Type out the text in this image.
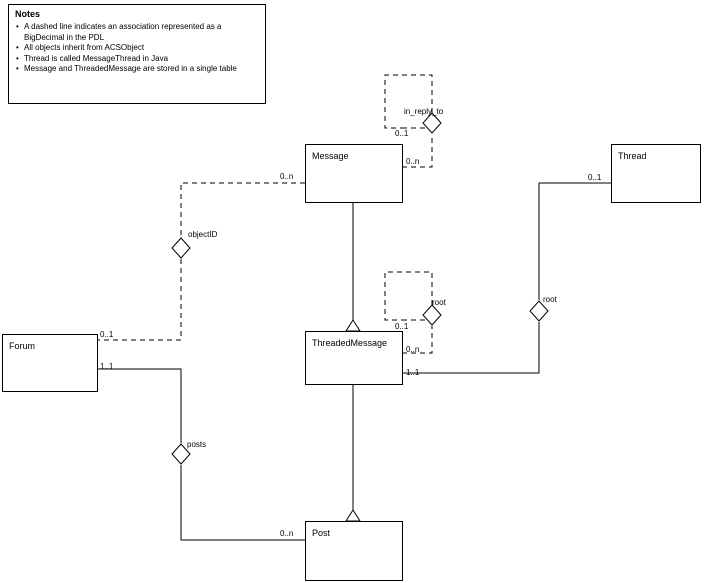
Notes
• A dashed line indicates an association represented as a BigDecimal in the PDL
• All objects inherit from ACSObject
• Thread is called MessageThread in Java
• Message and ThreadedMessage are stored in a single table
Message	Thread
Forum	ThreadedMessage
Post
in_reply_to
objectID
root	root
posts
0..1
0..n
0..n	0..1
0..1
0..n
1..1
0..1
1..1
0..n
